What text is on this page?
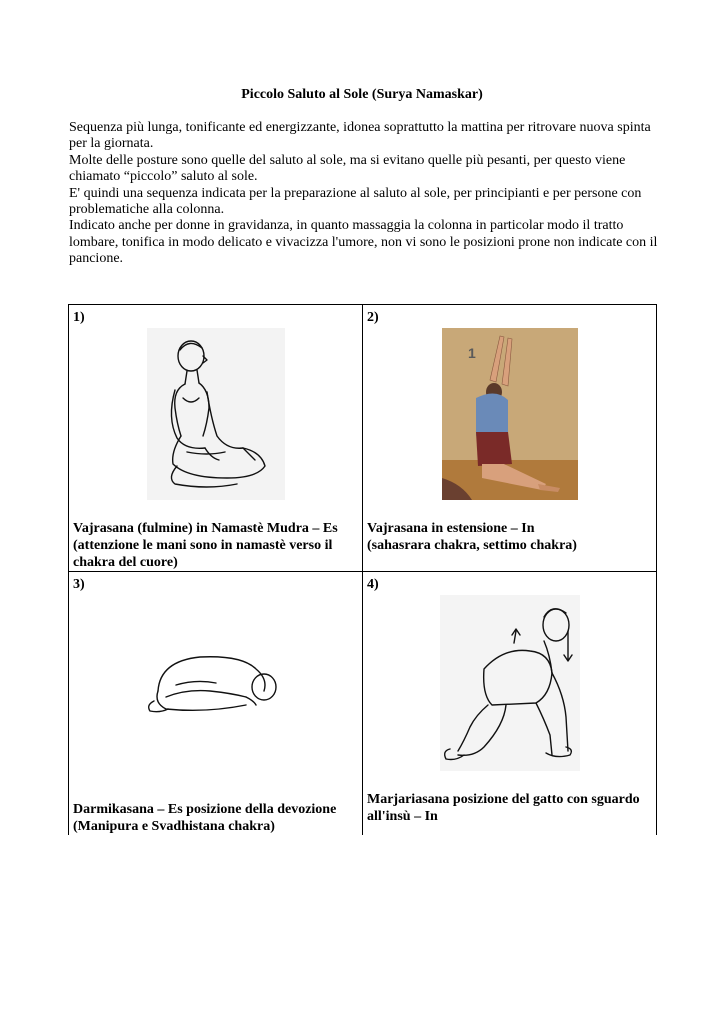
Piccolo Saluto al Sole (Surya Namaskar)

Sequenza più lunga, tonificante ed energizzante, idonea soprattutto la mattina per ritrovare nuova spinta per la giornata.

Molte delle posture sono quelle del saluto al sole, ma si evitano quelle più pesanti, per questo viene chiamato “piccolo” saluto al sole.

E' quindi una sequenza indicata per la preparazione al saluto al sole, per principianti e per persone con problematiche alla colonna.

Indicato anche per donne in gravidanza, in quanto massaggia la colonna in particolar modo il tratto lombare, tonifica in modo delicato e vivacizza l'umore, non vi sono le posizioni prone non indicate con il pancione.

1)
Vajrasana (fulmine) in Namastè Mudra – Es
(attenzione le mani sono in namastè verso il
chakra del cuore)	2)
1
Vajrasana in estensione – In
(sahasrara chakra, settimo chakra)

3)
Darmikasana – Es posizione della devozione
(Manipura e Svadhistana chakra)	4)
Marjariasana posizione del gatto con sguardo
all'insù – In
